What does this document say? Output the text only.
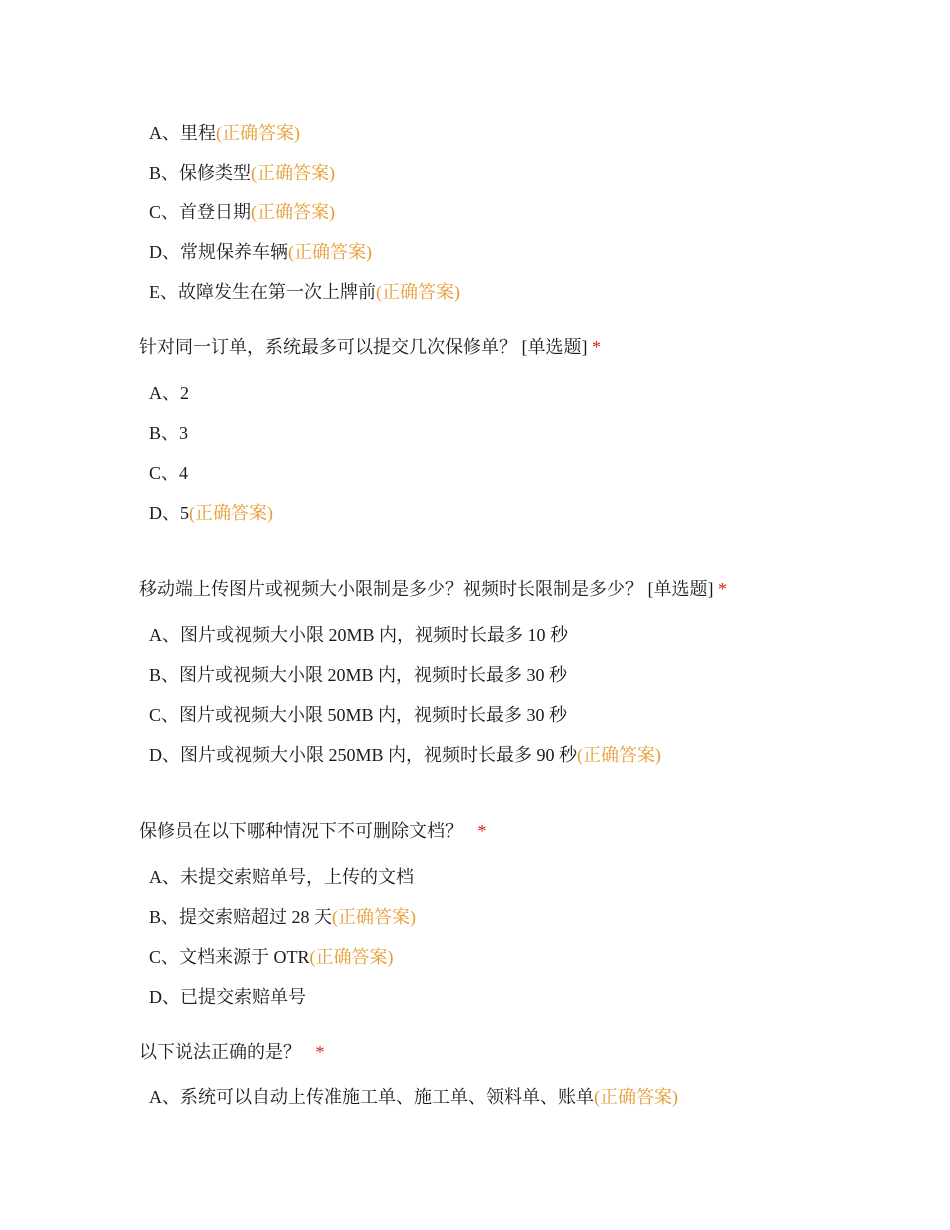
A、里程(正确答案)
B、保修类型(正确答案)
C、首登日期(正确答案)
D、常规保养车辆(正确答案)
E、故障发生在第一次上牌前(正确答案)
针对同一订单，系统最多可以提交几次保修单？ [单选题] *
A、2
B、3
C、4
D、5(正确答案)
移动端上传图片或视频大小限制是多少？视频时长限制是多少？ [单选题] *
A、图片或视频大小限 20MB 内，视频时长最多 10 秒
B、图片或视频大小限 20MB 内，视频时长最多 30 秒
C、图片或视频大小限 50MB 内，视频时长最多 30 秒
D、图片或视频大小限 250MB 内，视频时长最多 90 秒(正确答案)
保修员在以下哪种情况下不可删除文档？ *
A、未提交索赔单号，上传的文档
B、提交索赔超过 28 天(正确答案)
C、文档来源于 OTR(正确答案)
D、已提交索赔单号
以下说法正确的是？ *
A、系统可以自动上传准施工单、施工单、领料单、账单(正确答案)
